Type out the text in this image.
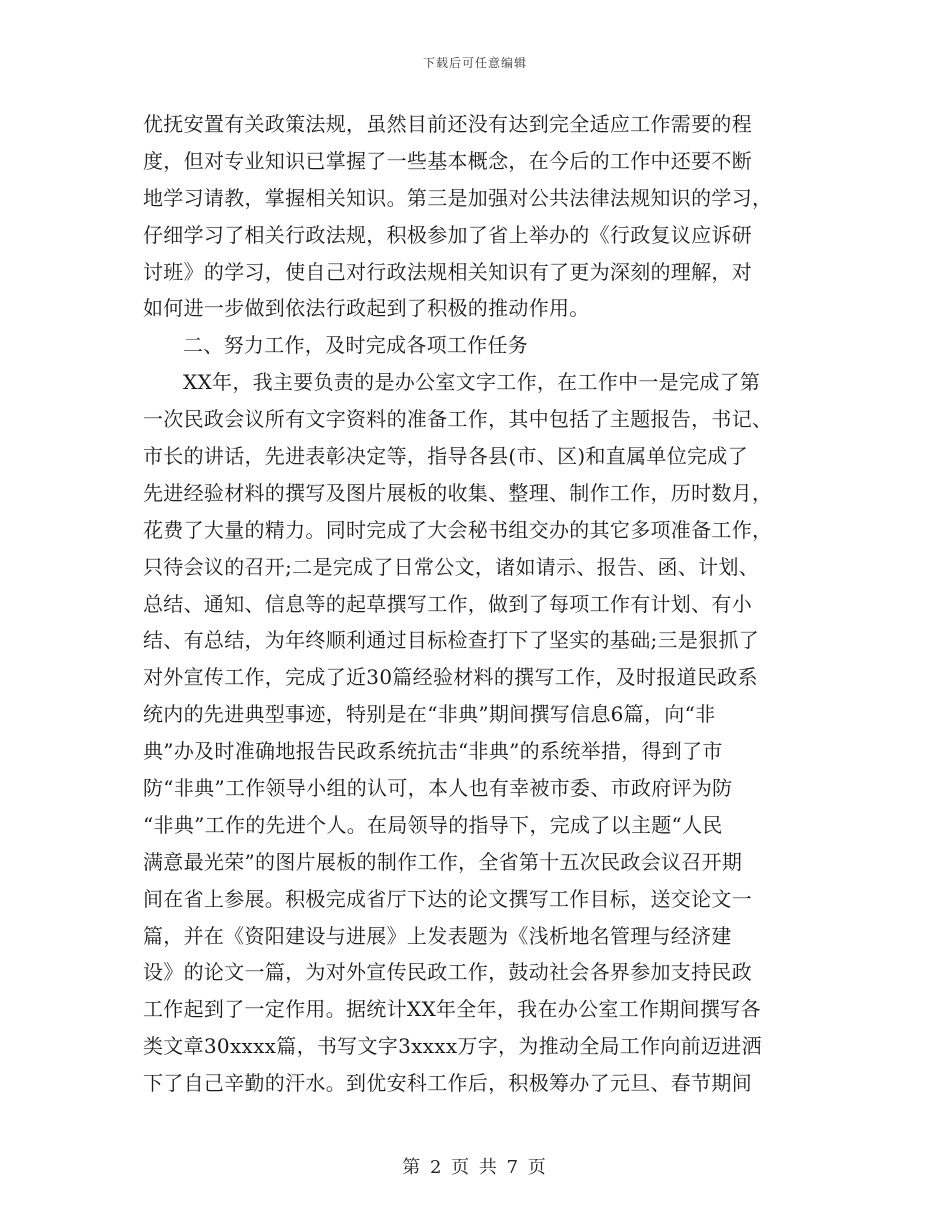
下载后可任意编辑
优抚安置有关政策法规，虽然目前还没有达到完全适应工作需要的程
度，但对专业知识已掌握了一些基本概念，在今后的工作中还要不断
地学习请教，掌握相关知识。第三是加强对公共法律法规知识的学习，
仔细学习了相关行政法规，积极参加了省上举办的《行政复议应诉研
讨班》的学习，使自己对行政法规相关知识有了更为深刻的理解，对
如何进一步做到依法行政起到了积极的推动作用。
二、努力工作，及时完成各项工作任务
XX年，我主要负责的是办公室文字工作，在工作中一是完成了第
一次民政会议所有文字资料的准备工作，其中包括了主题报告，书记、
市长的讲话，先进表彰决定等，指导各县(市、区)和直属单位完成了
先进经验材料的撰写及图片展板的收集、整理、制作工作，历时数月，
花费了大量的精力。同时完成了大会秘书组交办的其它多项准备工作，
只待会议的召开;二是完成了日常公文，诸如请示、报告、函、计划、
总结、通知、信息等的起草撰写工作，做到了每项工作有计划、有小
结、有总结，为年终顺利通过目标检查打下了坚实的基础;三是狠抓了
对外宣传工作，完成了近30篇经验材料的撰写工作，及时报道民政系
统内的先进典型事迹，特别是在“非典”期间撰写信息6篇，向“非
典”办及时准确地报告民政系统抗击“非典”的系统举措，得到了市
防“非典”工作领导小组的认可，本人也有幸被市委、市政府评为防
“非典”工作的先进个人。在局领导的指导下，完成了以主题“人民
满意最光荣”的图片展板的制作工作，全省第十五次民政会议召开期
间在省上参展。积极完成省厅下达的论文撰写工作目标，送交论文一
篇，并在《资阳建设与进展》上发表题为《浅析地名管理与经济建
设》的论文一篇，为对外宣传民政工作，鼓动社会各界参加支持民政
工作起到了一定作用。据统计XX年全年，我在办公室工作期间撰写各
类文章30xxxx篇，书写文字3xxxx万字，为推动全局工作向前迈进洒
下了自己辛勤的汗水。到优安科工作后，积极筹办了元旦、春节期间
第 2 页 共 7 页
